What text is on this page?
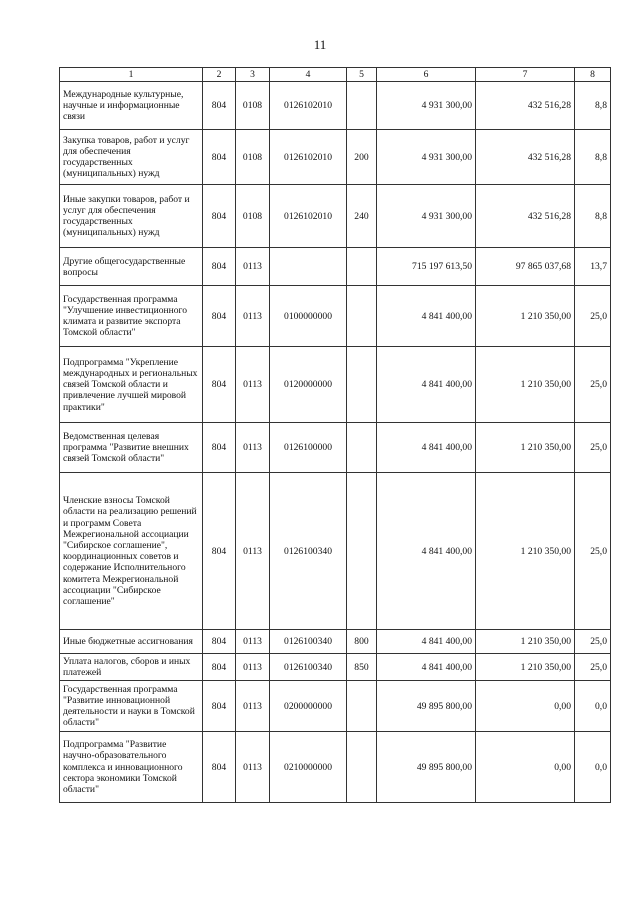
11
1	2	3	4	5	6	7	8
Международные культурные, научные и информационные связи	804	0108	0126102010		4 931 300,00	432 516,28	8,8
Закупка товаров, работ и услуг для обеспечения государственных (муниципальных) нужд	804	0108	0126102010	200	4 931 300,00	432 516,28	8,8
Иные закупки товаров, работ и услуг для обеспечения государственных (муниципальных) нужд	804	0108	0126102010	240	4 931 300,00	432 516,28	8,8
Другие общегосударственные вопросы	804	0113			715 197 613,50	97 865 037,68	13,7
Государственная программа "Улучшение инвестиционного климата и развитие экспорта Томской области"	804	0113	0100000000		4 841 400,00	1 210 350,00	25,0
Подпрограмма "Укрепление международных и региональных связей Томской области и привлечение лучшей мировой практики"	804	0113	0120000000		4 841 400,00	1 210 350,00	25,0
Ведомственная целевая программа "Развитие внешних связей Томской области"	804	0113	0126100000		4 841 400,00	1 210 350,00	25,0
Членские взносы Томской области на реализацию решений и программ Совета Межрегиональной ассоциации "Сибирское соглашение", координационных советов и содержание Исполнительного комитета Межрегиональной ассоциации "Сибирское соглашение"	804	0113	0126100340		4 841 400,00	1 210 350,00	25,0
Иные бюджетные ассигнования	804	0113	0126100340	800	4 841 400,00	1 210 350,00	25,0
Уплата налогов, сборов и иных платежей	804	0113	0126100340	850	4 841 400,00	1 210 350,00	25,0
Государственная программа "Развитие инновационной деятельности и науки в Томской области"	804	0113	0200000000		49 895 800,00	0,00	0,0
Подпрограмма "Развитие научно-образовательного комплекса и инновационного сектора экономики Томской области"	804	0113	0210000000		49 895 800,00	0,00	0,0
